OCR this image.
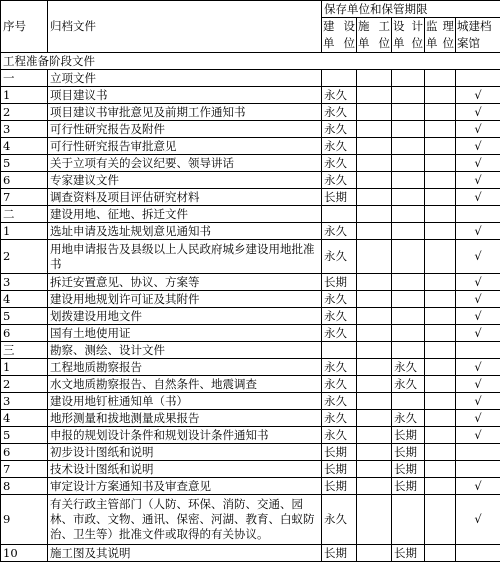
序号	归档文件	保存单位和保管期限				
		建 设单位	施 工单位	设计单位	监理单位	城建档案馆
工程准备阶段文件						
一	立项文件					
1	项目建议书	永久				√
2	项目建议书审批意见及前期工作通知书	永久				√
3	可行性研究报告及附件	永久				√
4	可行性研究报告审批意见	永久				√
5	关于立项有关的会议纪要、领导讲话	永久				√
6	专家建议文件	永久				√
7	调查资料及项目评估研究材料	长期				√
二	建设用地、征地、拆迁文件					
1	选址申请及选址规划意见通知书	永久				√
2	用地申请报告及县级以上人民政府城乡建设用地批准书	永久				√
3	拆迁安置意见、协议、方案等	长期				√
4	建设用地规划许可证及其附件	永久				√
5	划拨建设用地文件	永久				√
6	国有土地使用证	永久				√
三	勘察、测绘、设计文件					
1	工程地质勘察报告	永久		永久		√
2	水文地质勘察报告、自然条件、地震调查	永久		永久		√
3	建设用地钉桩通知单（书）	永久				√
4	地形测量和拔地测量成果报告	永久		永久		√
5	申报的规划设计条件和规划设计条件通知书	永久		长期		√
6	初步设计图纸和说明	长期		长期		
7	技术设计图纸和说明	长期		长期		
8	审定设计方案通知书及审查意见	长期		长期		√
9	有关行政主管部门（人防、环保、消防、交通、园林、市政、文物、通讯、保密、河湖、教育、白蚁防治、卫生等）批准文件或取得的有关协议。	永久				√
10	施工图及其说明	长期		长期		
